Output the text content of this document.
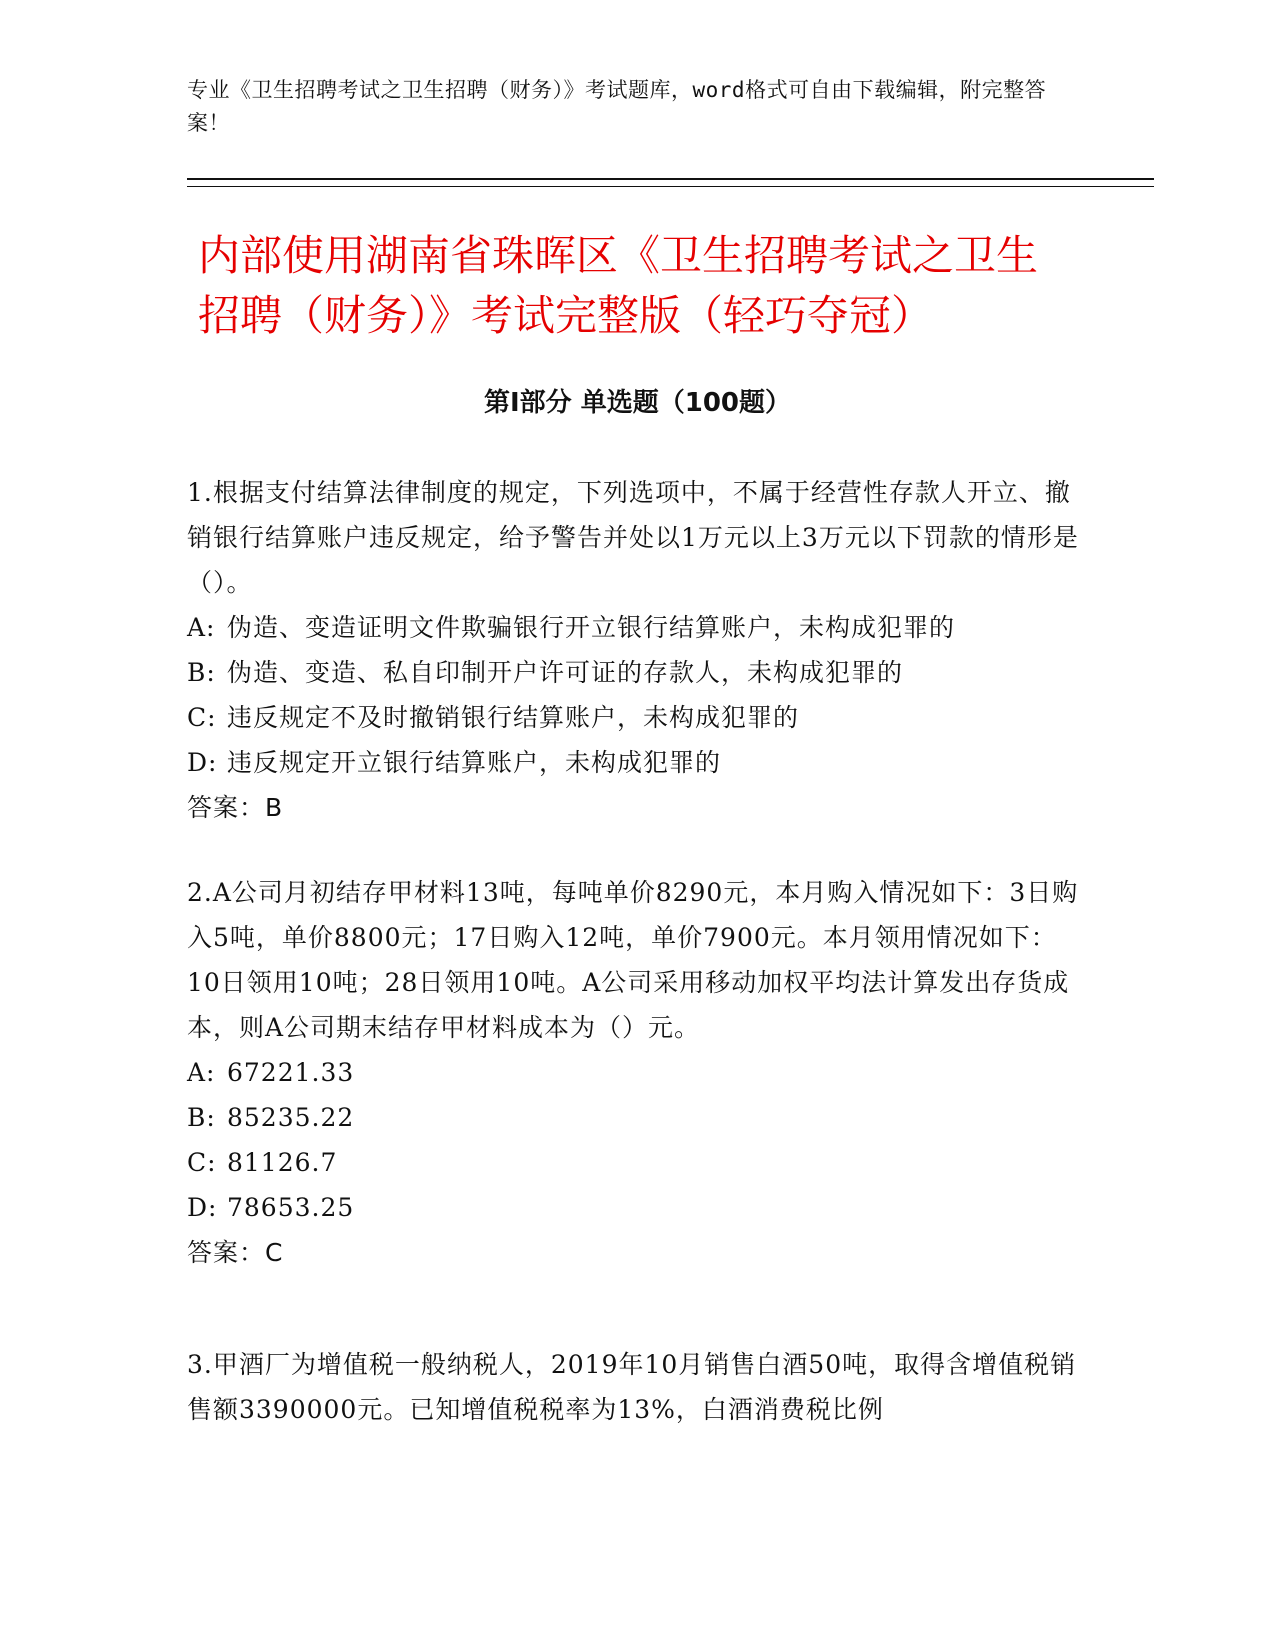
专业《卫生招聘考试之卫生招聘（财务）》考试题库，word格式可自由下载编辑，附完整答案！
内部使用湖南省珠晖区《卫生招聘考试之卫生招聘（财务）》考试完整版（轻巧夺冠）
第Ⅰ部分 单选题（100题）

1.根据支付结算法律制度的规定，下列选项中，不属于经营性存款人开立、撤销银行结算账户违反规定，给予警告并处以1万元以上3万元以下罚款的情形是（）。

A: 伪造、变造证明文件欺骗银行开立银行结算账户，未构成犯罪的
B: 伪造、变造、私自印制开户许可证的存款人，未构成犯罪的
C: 违反规定不及时撤销银行结算账户，未构成犯罪的
D: 违反规定开立银行结算账户，未构成犯罪的
答案：B

2.A公司月初结存甲材料13吨，每吨单价8290元，本月购入情况如下：3日购入5吨，单价8800元；17日购入12吨，单价7900元。本月领用情况如下：10日领用10吨；28日领用10吨。A公司采用移动加权平均法计算发出存货成本，则A公司期末结存甲材料成本为（）元。

A: 67221.33
B: 85235.22
C: 81126.7
D: 78653.25
答案：C

3.甲酒厂为增值税一般纳税人，2019年10月销售白酒50吨，取得含增值税销售额3390000元。已知增值税税率为13%，白酒消费税比例
